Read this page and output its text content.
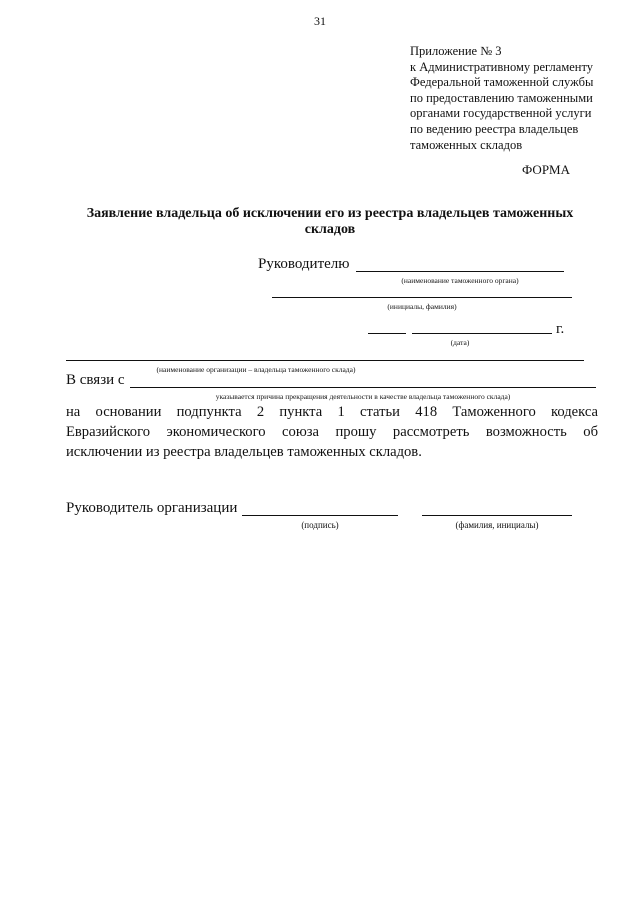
31
Приложение № 3
к Административному регламенту
Федеральной таможенной службы
по предоставлению таможенными
органами государственной услуги
по ведению реестра владельцев
таможенных складов
ФОРМА
Заявление владельца об исключении его из реестра владельцев таможенных
складов
Руководителю
(наименование таможенного органа)
(инициалы, фамилия)
г.
(дата)
(наименование организации – владельца таможенного склада)
В связи с
указывается причина прекращения деятельности в качестве владельца таможенного склада)
на основании подпункта 2 пункта 1 статьи 418 Таможенного кодекса
Евразийского экономического союза прошу рассмотреть возможность об
исключении из реестра владельцев таможенных складов.
Руководитель организации
(подпись)	(фамилия, инициалы)
